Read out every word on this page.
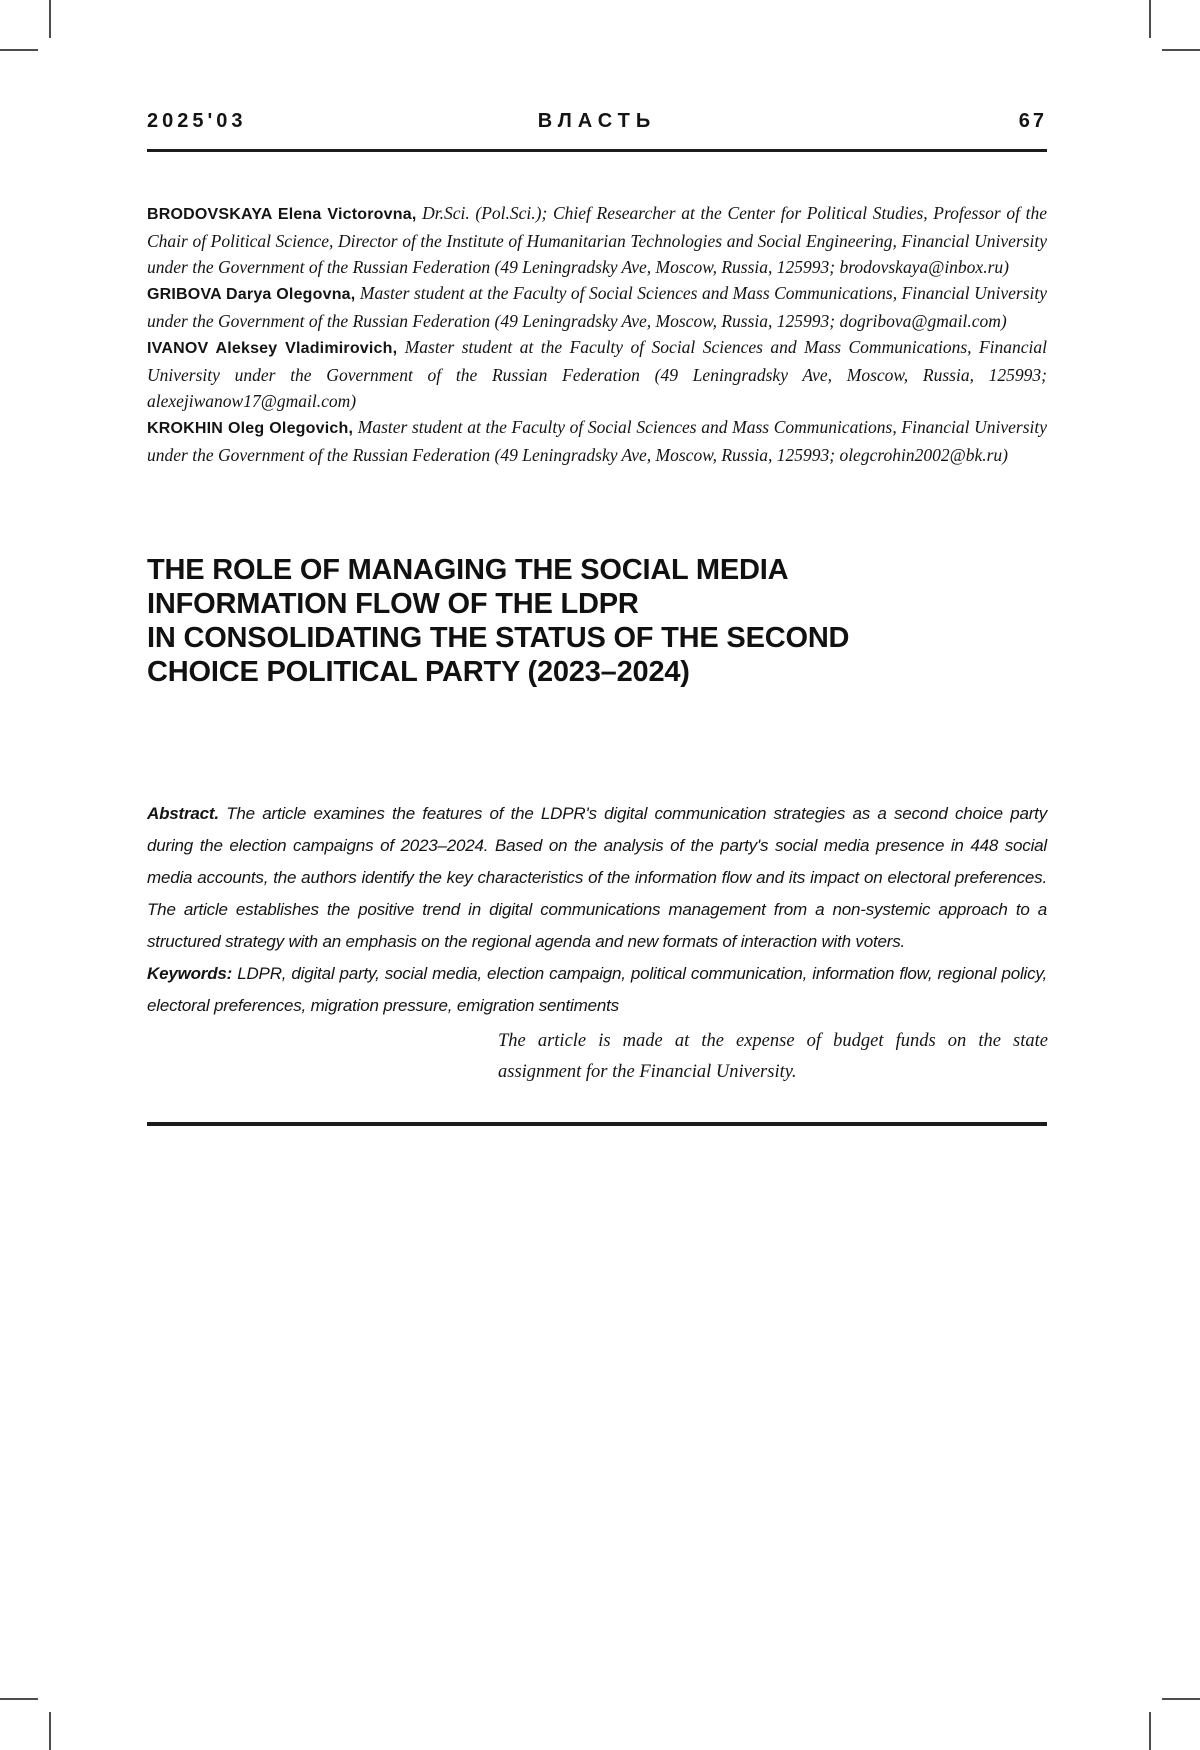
2025'03	ВЛАСТЬ	67

BRODOVSKAYA Elena Victorovna, Dr.Sci. (Pol.Sci.); Chief Researcher at the Center for Political Studies, Professor of the Chair of Political Science, Director of the Institute of Humanitarian Technologies and Social Engineering, Financial University under the Government of the Russian Federation (49 Leningradsky Ave, Moscow, Russia, 125993; brodovskaya@inbox.ru)

GRIBOVA Darya Olegovna, Master student at the Faculty of Social Sciences and Mass Communications, Financial University under the Government of the Russian Federation (49 Leningradsky Ave, Moscow, Russia, 125993; dogribova@gmail.com)

IVANOV Aleksey Vladimirovich, Master student at the Faculty of Social Sciences and Mass Communications, Financial University under the Government of the Russian Federation (49 Leningradsky Ave, Moscow, Russia, 125993; alexejiwanow17@gmail.com)

KROKHIN Oleg Olegovich, Master student at the Faculty of Social Sciences and Mass Communications, Financial University under the Government of the Russian Federation (49 Leningradsky Ave, Moscow, Russia, 125993; olegcrohin2002@bk.ru)

THE ROLE OF MANAGING THE SOCIAL MEDIA
INFORMATION FLOW OF THE LDPR
IN CONSOLIDATING THE STATUS OF THE SECOND
CHOICE POLITICAL PARTY (2023–2024)

Abstract. The article examines the features of the LDPR's digital communication strategies as a second choice party during the election campaigns of 2023–2024. Based on the analysis of the party's social media presence in 448 social media accounts, the authors identify the key characteristics of the information flow and its impact on electoral preferences. The article establishes the positive trend in digital communications management from a non-systemic approach to a structured strategy with an emphasis on the regional agenda and new formats of interaction with voters.

Keywords: LDPR, digital party, social media, election campaign, political communication, information flow, regional policy, electoral preferences, migration pressure, emigration sentiments

The article is made at the expense of budget funds on the state
assignment for the Financial University.
